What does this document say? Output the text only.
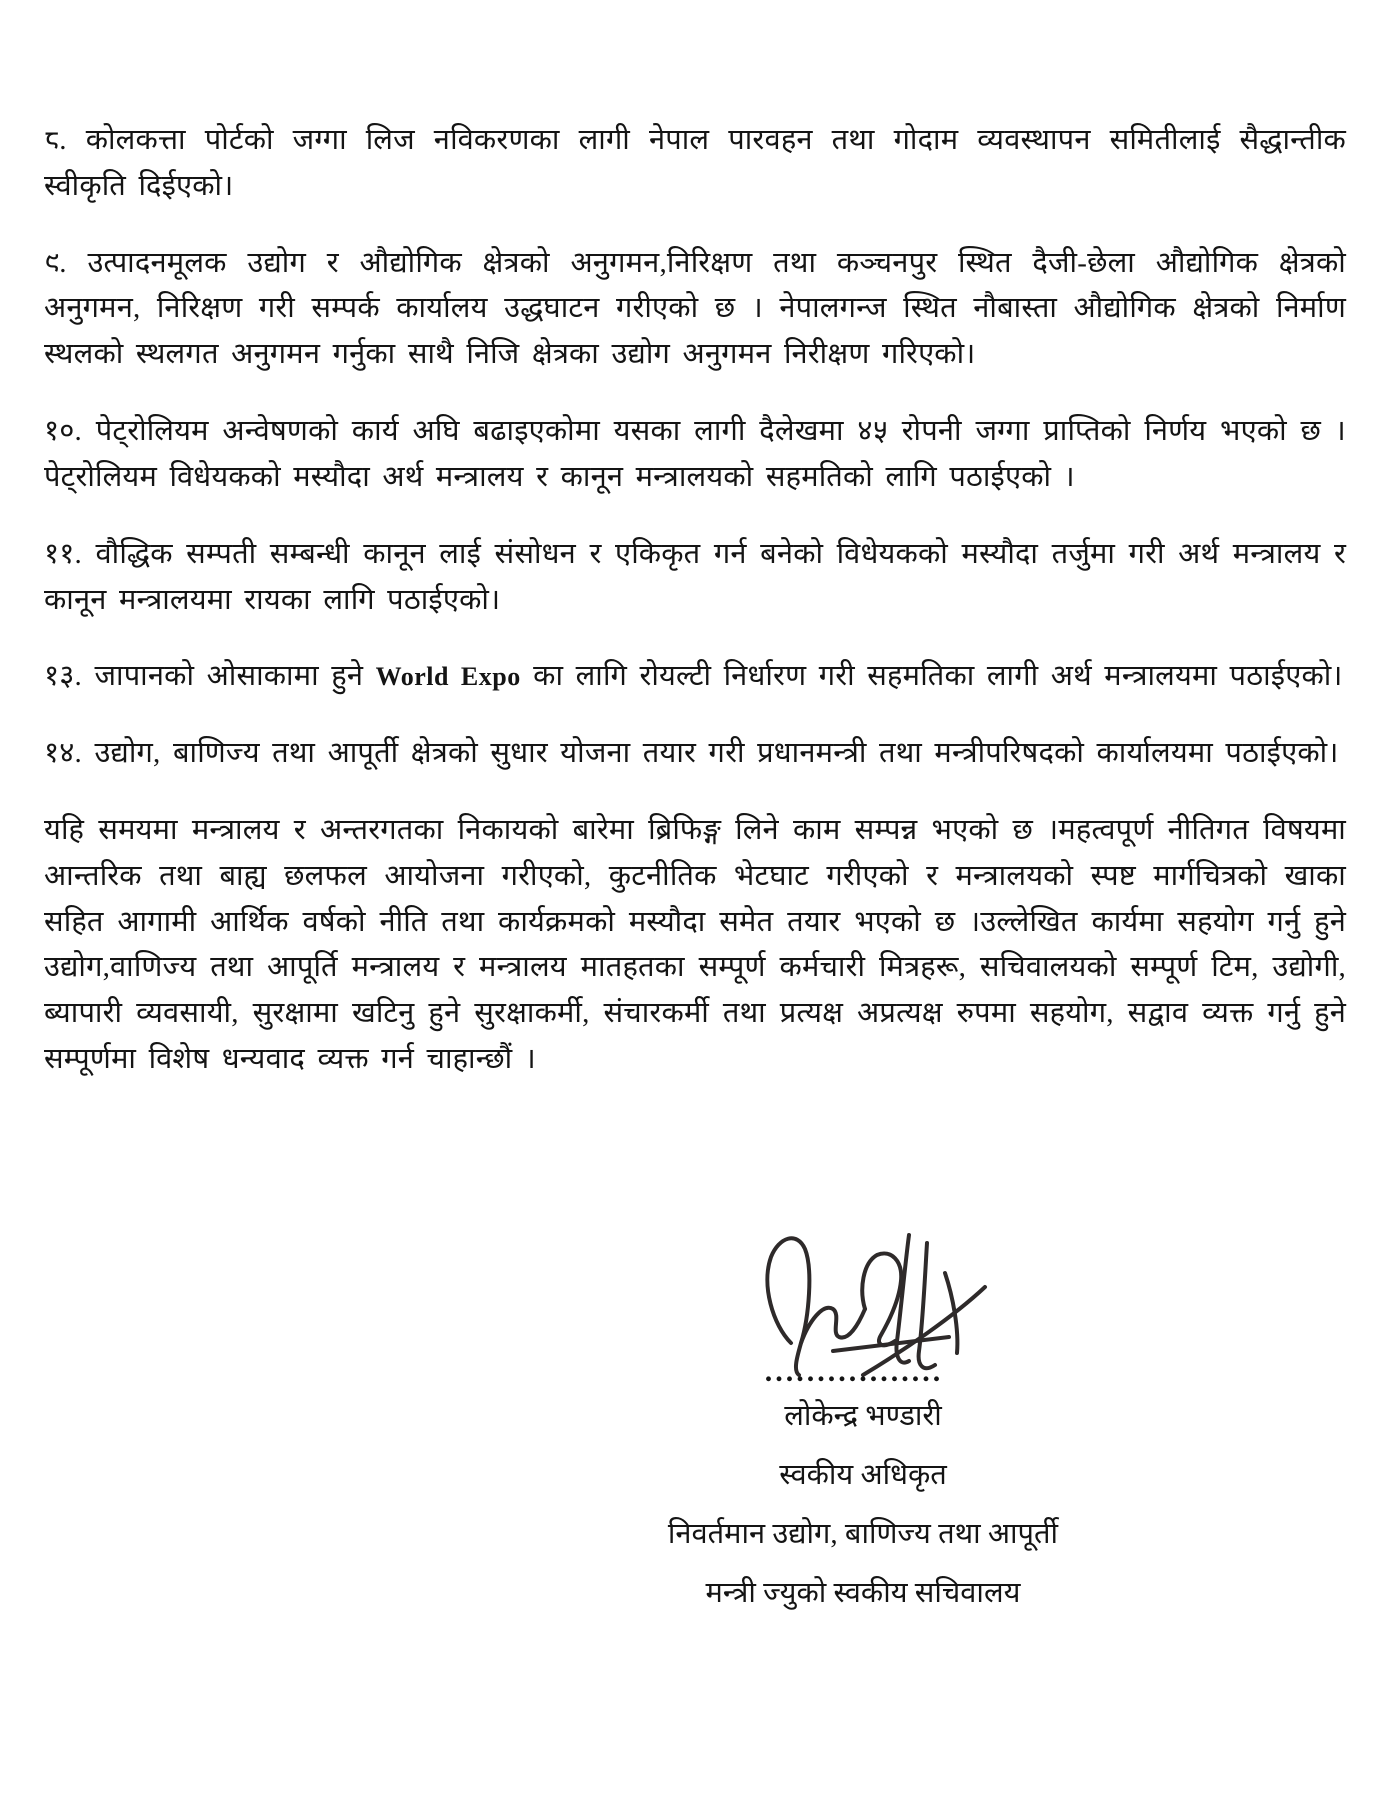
८. कोलकत्ता पोर्टको जग्गा लिज नविकरणका लागी नेपाल पारवहन तथा गोदाम व्यवस्थापन समितीलाई सैद्धान्तीक स्वीकृति दिईएको।

९. उत्पादनमूलक उद्योग र औद्योगिक क्षेत्रको अनुगमन,निरिक्षण तथा कञ्चनपुर स्थित दैजी-छेला औद्योगिक क्षेत्रको अनुगमन, निरिक्षण गरी सम्पर्क कार्यालय उद्धघाटन गरीएको छ । नेपालगन्ज स्थित नौबास्ता औद्योगिक क्षेत्रको निर्माण स्थलको स्थलगत अनुगमन गर्नुका साथै निजि क्षेत्रका उद्योग अनुगमन निरीक्षण गरिएको।

१०. पेट्रोलियम अन्वेषणको कार्य अघि बढाइएकोमा यसका लागी दैलेखमा ४५ रोपनी जग्गा प्राप्तिको निर्णय भएको छ । पेट्रोलियम विधेयकको मस्यौदा अर्थ मन्त्रालय र कानून मन्त्रालयको सहमतिको लागि पठाईएको ।

११. वौद्धिक सम्पती सम्बन्धी कानून लाई संसोधन र एकिकृत गर्न बनेको विधेयकको मस्यौदा तर्जुमा गरी अर्थ मन्त्रालय र कानून मन्त्रालयमा रायका लागि पठाईएको।

१३. जापानको ओसाकामा हुने World Expo का लागि रोयल्टी निर्धारण गरी सहमतिका लागी अर्थ मन्त्रालयमा पठाईएको।

१४. उद्योग, बाणिज्य तथा आपूर्ती क्षेत्रको सुधार योजना तयार गरी प्रधानमन्त्री तथा मन्त्रीपरिषदको कार्यालयमा पठाईएको।

यहि समयमा मन्त्रालय र अन्तरगतका निकायको बारेमा ब्रिफिङ्ग लिने काम सम्पन्न भएको छ ।महत्वपूर्ण नीतिगत विषयमा आन्तरिक तथा बाह्य छलफल आयोजना गरीएको, कुटनीतिक भेटघाट गरीएको र मन्त्रालयको स्पष्ट मार्गचित्रको खाका सहित आगामी आर्थिक वर्षको नीति तथा कार्यक्रमको मस्यौदा समेत तयार भएको छ ।उल्लेखित कार्यमा सहयोग गर्नु हुने उद्योग,वाणिज्य तथा आपूर्ति मन्त्रालय र मन्त्रालय मातहतका सम्पूर्ण कर्मचारी मित्रहरू, सचिवालयको सम्पूर्ण टिम, उद्योगी, ब्यापारी व्यवसायी, सुरक्षामा खटिनु हुने सुरक्षाकर्मी, संचारकर्मी तथा प्रत्यक्ष अप्रत्यक्ष रुपमा सहयोग, सद्वाव व्यक्त गर्नु हुने सम्पूर्णमा विशेष धन्यवाद व्यक्त गर्न चाहान्छौं ।

.................
लोकेन्द्र भण्डारी
स्वकीय अधिकृत
निवर्तमान उद्योग, बाणिज्य तथा आपूर्ती
मन्त्री ज्युको स्वकीय सचिवालय
